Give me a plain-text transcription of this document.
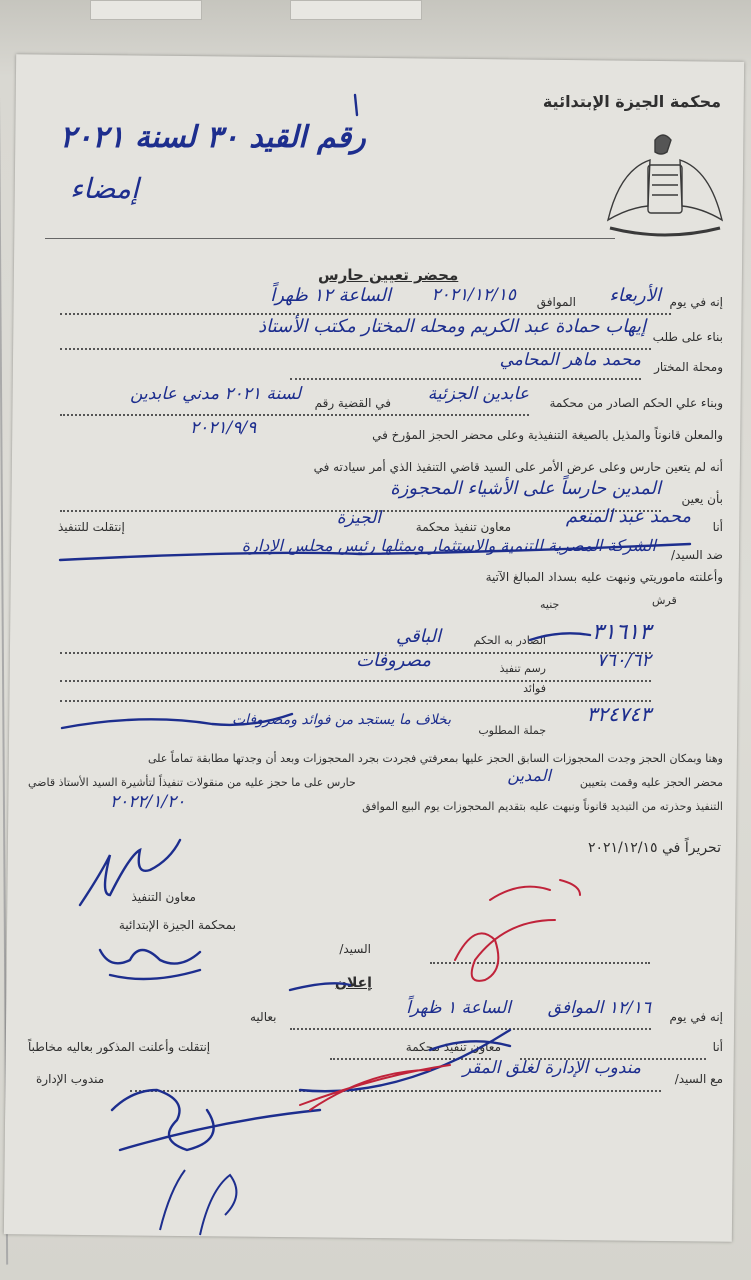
محكمة الجيزة الإبتدائية
رقم القيد ٣٠ لسنة ٢٠٢١
إمضاء
محضر تعيين حارس
إنه في يوم
الأربعاء
الموافق
٢٠٢١/١٢/١٥
الساعة ١٢ ظهراً
بناء على طلب
إيهاب حمادة عبد الكريم ومحله المختار مكتب الأستاذ
ومحلة المختار
محمد ماهر المحامي
وبناء علي الحكم الصادر من محكمة
عابدين الجزئية
في القضية رقم
لسنة ٢٠٢١ مدني عابدين
والمعلن قانوناً والمذيل بالصيغة التنفيذية وعلى محضر الحجز المؤرخ في
٢٠٢١/٩/٩
أنه لم يتعين حارس وعلى عرض الأمر على السيد قاضي التنفيذ الذي أمر سيادته في
بأن يعين
المدين حارساً على الأشياء المحجوزة
أنا
محمد عبد المنعم
معاون تنفيذ محكمة
الجيزة
إنتقلت للتنفيذ
ضد السيد/
الشركة المصرية للتنمية والاستثمار ويمثلها رئيس مجلس الإدارة
وأعلنته ماموريتي ونبهت عليه بسداد المبالغ الآتية
قرش
جنيه
٣١٦١٣
الصادر به الحكم
الباقي
٧٦٠/٦٢
رسم تنفيذ
مصروفات
فوائد
٣٢٤٧٤٣
جملة المطلوب
بخلاف ما يستجد من فوائد ومصروفات
وهنا وبمكان الحجز وجدت المحجوزات السابق الحجز عليها بمعرفتي فجردت بجرد المحجوزات وبعد أن وجدتها مطابقة تماماً على
محضر الحجز عليه وقمت بتعيين
المدين
حارس على ما حجز عليه من منقولات تنفيذاً لتأشيرة السيد الأستاذ قاضي
التنفيذ وحذرته من التبديد قانوناً ونبهت عليه بتقديم المحجوزات يوم البيع الموافق
٢٠٢٢/١/٢٠
تحريراً في ٢٠٢١/١٢/١٥
معاون التنفيذ
بمحكمة الجيزة الإبتدائية
السيد/
إعلان
إنه في يوم
١٢/١٦ الموافق
الساعة ١ ظهراً
بعاليه
أنا
معاون تنفيذ محكمة
إنتقلت وأعلنت المذكور بعاليه مخاطباً
مع السيد/
مندوب الإدارة لغلق المقر
مندوب الإدارة
